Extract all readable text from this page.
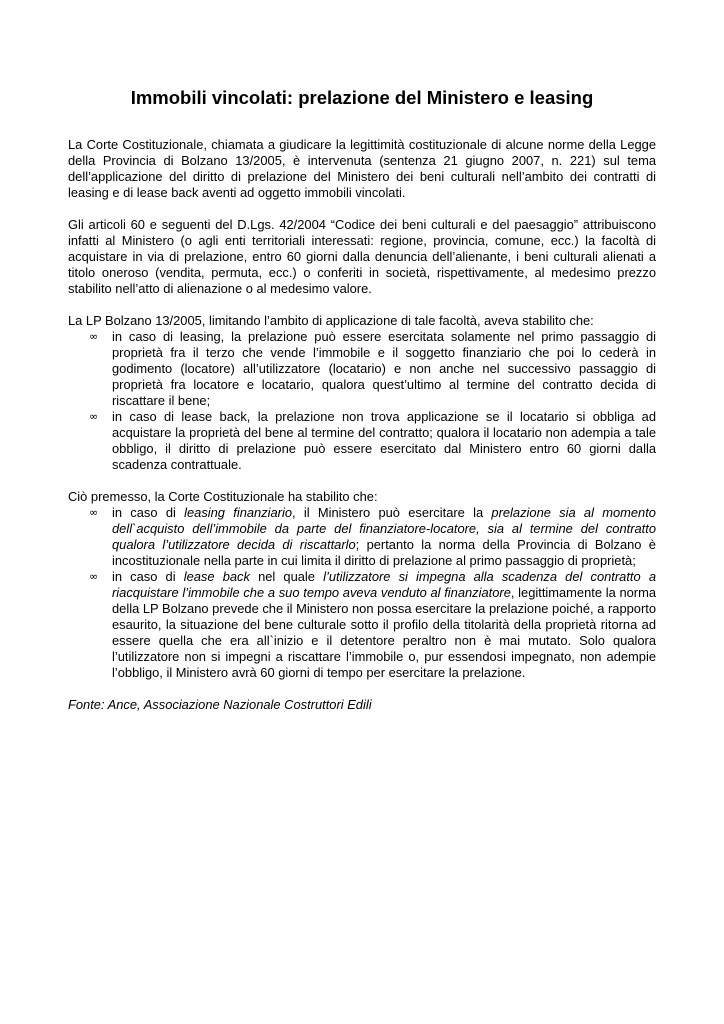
Immobili vincolati: prelazione del Ministero e leasing

La Corte Costituzionale, chiamata a giudicare la legittimità costituzionale di alcune norme della Legge della Provincia di Bolzano 13/2005, è intervenuta (sentenza 21 giugno 2007, n. 221) sul tema dell’applicazione del diritto di prelazione del Ministero dei beni culturali nell’ambito dei contratti di leasing e di lease back aventi ad oggetto immobili vincolati.

Gli articoli 60 e seguenti del D.Lgs. 42/2004 “Codice dei beni culturali e del paesaggio” attribuiscono infatti al Ministero (o agli enti territoriali interessati: regione, provincia, comune, ecc.) la facoltà di acquistare in via di prelazione, entro 60 giorni dalla denuncia dell’alienante, i beni culturali alienati a titolo oneroso (vendita, permuta, ecc.) o conferiti in società, rispettivamente, al medesimo prezzo stabilito nell’atto di alienazione o al medesimo valore.

La LP Bolzano 13/2005, limitando l’ambito di applicazione di tale facoltà, aveva stabilito che:

∞ in caso di leasing, la prelazione può essere esercitata solamente nel primo passaggio di proprietà fra il terzo che vende l’immobile e il soggetto finanziario che poi lo cederà in godimento (locatore) all’utilizzatore (locatario) e non anche nel successivo passaggio di proprietà fra locatore e locatario, qualora quest’ultimo al termine del contratto decida di riscattare il bene;
∞ in caso di lease back, la prelazione non trova applicazione se il locatario si obbliga ad acquistare la proprietà del bene al termine del contratto; qualora il locatario non adempia a tale obbligo, il diritto di prelazione può essere esercitato dal Ministero entro 60 giorni dalla scadenza contrattuale.

Ciò premesso, la Corte Costituzionale ha stabilito che:

∞ in caso di leasing finanziario, il Ministero può esercitare la prelazione sia al momento dell`acquisto dell’immobile da parte del finanziatore-locatore, sia al termine del contratto qualora l’utilizzatore decida di riscattarlo; pertanto la norma della Provincia di Bolzano è incostituzionale nella parte in cui limita il diritto di prelazione al primo passaggio di proprietà;
∞ in caso di lease back nel quale l’utilizzatore si impegna alla scadenza del contratto a riacquistare l’immobile che a suo tempo aveva venduto al finanziatore, legittimamente la norma della LP Bolzano prevede che il Ministero non possa esercitare la prelazione poiché, a rapporto esaurito, la situazione del bene culturale sotto il profilo della titolarità della proprietà ritorna ad essere quella che era all`inizio e il detentore peraltro non è mai mutato. Solo qualora l’utilizzatore non si impegni a riscattare l’immobile o, pur essendosi impegnato, non adempie l’obbligo, il Ministero avrà 60 giorni di tempo per esercitare la prelazione.

Fonte: Ance, Associazione Nazionale Costruttori Edili
